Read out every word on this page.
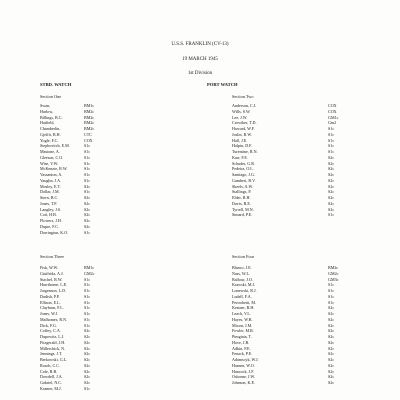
U.S.S. FRANKLIN (CV-13)
19 MARCH 1945
1st Division
STBD. WATCH	PORT WATCH
Section One
Swan,	BM1c
Harlow,	BM2c
Billings, B.C.	BM2c
Hatfield,	BM2c
Chamberlin,	BM2c
Gjeffit, B.H.	CTC
Yogle, F.C.	COX
Stephovitch, E.M.	S1c
Mastone, A.	S1c
Gleeson, C.O.	S1c
Wise, V.W.	S1c
McKenzie, R.W.	S1c
Vassanton, A.	S1c
Vaughn, J.A.	S1c
Mosley, E.T.	S2c
Dollar, J.M.	S1c
Stern, B.C.	S2c
Jones, T.F.	S2c
Langley, J.S.	S2c
Cott, H.B.	S2c
Flowers, J.H.	S2c
Dupre, F.C.	S2c
Dorrington, K.O.	S1c
Section Two
Anderson, C.J.	COX
Wills, S.W.	COX
Lee, J.W.	GM1c
Crowther, T.D.	Gm2
Howard, W.F.	S1c
Joslin, R.W.	S1c
Hall, J.E.	S1c
Halpin, D.F.	S1c
Turentine, R.N.	S1c
Karr, F.E.	S2c
Schuder, G.R.	S2c
Pedeira, O.L.	S2c
Santiago, J.G.	S2c
Gambert, B.V.	S2c
Skeels, A.W.	S2c
Stallings, P.	S2c
Elder, R.H.	S2c
Davis, R.E.	S2c
Tyrrell, M.N.	S2c
Simard, P.E.	S1c
Section Three
Fisk, W.W.	BM1c
Giuffrida, A.J.	GM2c
Stachel, R.W.	S1c
Hawthorne, L.E.	S1c
Jorgenson, L.D.	S1c
Dudish, P.P.	S1c
Ellison, E.L.	S1c
Clayburn, F.L.	S1c
Jones, W.J.	S1c
Malhomes, R.N.	S1c
Dick, F.G.	S1c
Coffey, C.A.	S2c
Dupowitz, L.J.	S2c
Fitzgerald, J.H.	S2c
Millerchick, N.	S2c
Jennings, J.T.	S2c
Berkowski, G.L.	S2c
Roach, C.C.	S2c
Cole, R.B.	S2c
Dowdell, J.A.	S2c
Gabriel, N.C.	S2c
Kramer, M.J.	S1c
Section Four
Blanco, J.E.	BM2c
Nass, W.L.	GM2c
Balfour, J.O.	GM3c
Krawski, M.J.	S1c
Lonewski, R.J.	S1c
Ludell, F.A.	S1c
Pertrobetti, M.	S1c
Kestner, R.H.	S2c
Leach, V.L.	S2c
Hayes, W.B.	S2c
Mixon, J.M.	S2c
Fowler, M.R.	S2c
Pimgiata, T.	S2c
Hove, J.B.	S2c
Adkin, P.E.	S2c
Fenack, P.E.	S2c
Adamscyk, W.J.	S2c
Hansen, W.O.	S2c
Hancock, J.F.	S2c
Osborne, J.W.	S2c
Johnson, K.E.	S2c
